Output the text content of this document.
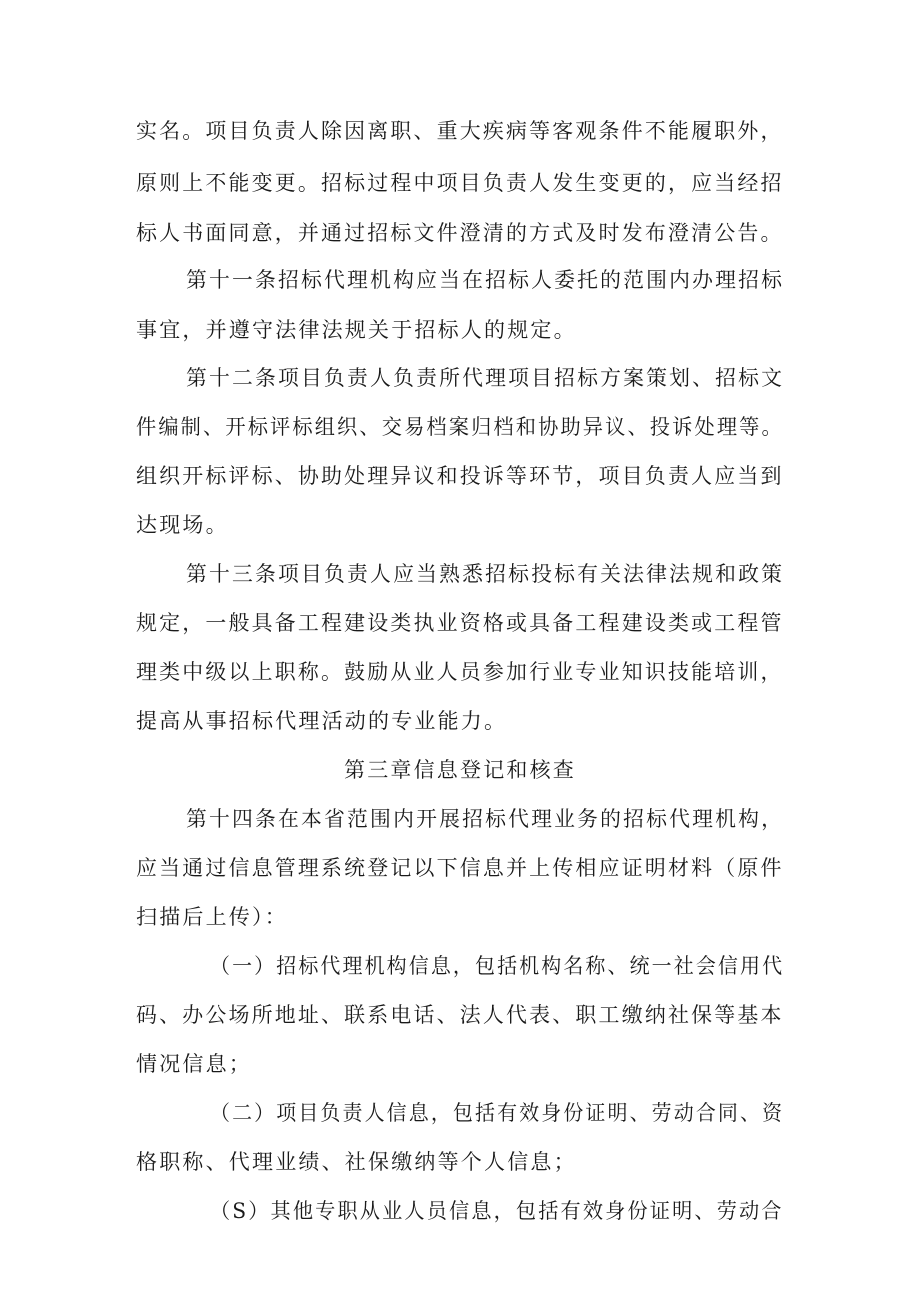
实名。项目负责人除因离职、重大疾病等客观条件不能履职外，
原则上不能变更。招标过程中项目负责人发生变更的，应当经招
标人书面同意，并通过招标文件澄清的方式及时发布澄清公告。
第十一条招标代理机构应当在招标人委托的范围内办理招标
事宜，并遵守法律法规关于招标人的规定。
第十二条项目负责人负责所代理项目招标方案策划、招标文
件编制、开标评标组织、交易档案归档和协助异议、投诉处理等。
组织开标评标、协助处理异议和投诉等环节，项目负责人应当到
达现场。
第十三条项目负责人应当熟悉招标投标有关法律法规和政策
规定，一般具备工程建设类执业资格或具备工程建设类或工程管
理类中级以上职称。鼓励从业人员参加行业专业知识技能培训，
提高从事招标代理活动的专业能力。
第三章信息登记和核查
第十四条在本省范围内开展招标代理业务的招标代理机构，
应当通过信息管理系统登记以下信息并上传相应证明材料（原件
扫描后上传）：
（一）招标代理机构信息，包括机构名称、统一社会信用代
码、办公场所地址、联系电话、法人代表、职工缴纳社保等基本
情况信息；
（二）项目负责人信息，包括有效身份证明、劳动合同、资
格职称、代理业绩、社保缴纳等个人信息；
（S）其他专职从业人员信息，包括有效身份证明、劳动合
